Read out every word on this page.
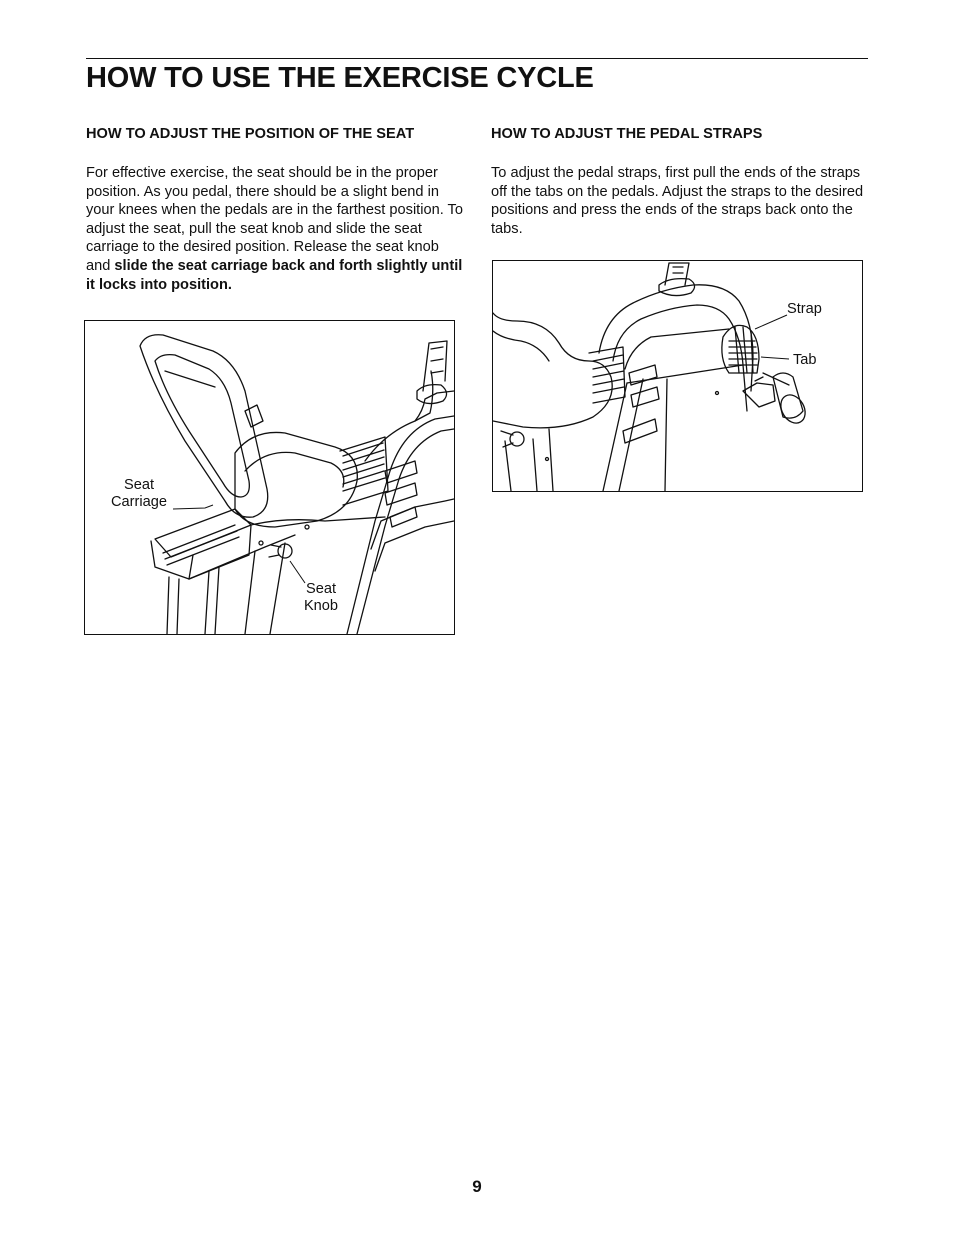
HOW TO USE THE EXERCISE CYCLE
HOW TO ADJUST THE POSITION OF THE SEAT

For effective exercise, the seat should be in the proper position. As you pedal, there should be a slight bend in your knees when the pedals are in the farthest position. To adjust the seat, pull the seat knob and slide the seat carriage to the desired position. Release the seat knob and slide the seat carriage back and forth slightly until it locks into position.

HOW TO ADJUST THE PEDAL STRAPS

To adjust the pedal straps, first pull the ends of the straps off the tabs on the pedals. Adjust the straps to the desired positions and press the ends of the straps back onto the tabs.

Seat
Carriage
Seat
Knob
Strap
Tab
9
